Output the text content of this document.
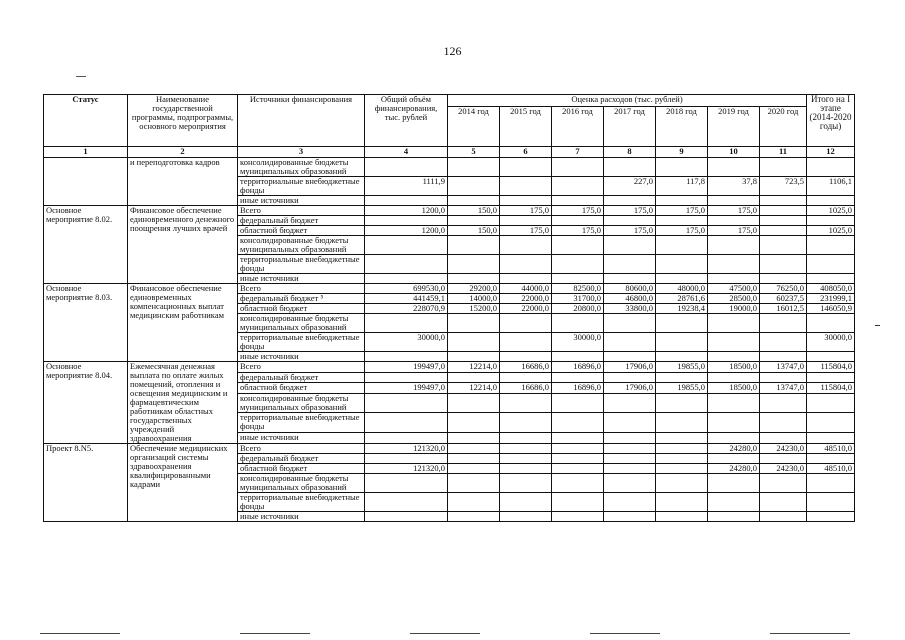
126
Статус	Наименование государственной программы, подпрограммы, основного мероприятия	Источники финансирования	Общий объём финансирования, тыс. рублей	Оценка расходов (тыс. рублей)							Итого на I этапе (2014-2020 годы)
				2014 год	2015 год	2016 год	2017 год	2018 год	2019 год	2020 год	
1	2	3	4	5	6	7	8	9	10	11	12
	и переподготовка кадров	консолидированные бюджеты муниципальных образований									
		территориальные внебюджетные фонды	1111,9				227,0	117,8	37,8	723,5	1106,1
		иные источники									
Основное мероприятие 8.02.	Финансовое обеспечение единовременного денежного поощрения лучших врачей	Всего	1200,0	150,0	175,0	175,0	175,0	175,0	175,0		1025,0
		федеральный бюджет									
		областной бюджет	1200,0	150,0	175,0	175,0	175,0	175,0	175,0		1025,0
		консолидированные бюджеты муниципальных образований									
		территориальные внебюджетные фонды									
		иные источники									
Основное мероприятие 8.03.	Финансовое обеспечение единовременных компенсационных выплат медицинским работникам	Всего	699530,0	29200,0	44000,0	82500,0	80600,0	48000,0	47500,0	76250,0	408050,0
		федеральный бюджет ⁵	441459,1	14000,0	22000,0	31700,0	46800,0	28761,6	28500,0	60237,5	231999,1
		областной бюджет	228070,9	15200,0	22000,0	20800,0	33800,0	19238,4	19000,0	16012,5	146050,9
		консолидированные бюджеты муниципальных образований									
		территориальные внебюджетные фонды	30000,0			30000,0					30000,0
		иные источники									
Основное мероприятие 8.04.	Ежемесячная денежная выплата по оплате жилых помещений, отопления и освещения медицинским и фармацевтическим работникам областных государственных учреждений здравоохранения	Всего	199497,0	12214,0	16686,0	16896,0	17906,0	19855,0	18500,0	13747,0	115804,0
		федеральный бюджет									
		областной бюджет	199497,0	12214,0	16686,0	16896,0	17906,0	19855,0	18500,0	13747,0	115804,0
		консолидированные бюджеты муниципальных образований									
		территориальные внебюджетные фонды									
		иные источники									
Проект 8.N5.	Обеспечение медицинских организаций системы здравоохранения квалифицированными кадрами	Всего	121320,0						24280,0	24230,0	48510,0
		федеральный бюджет									
		областной бюджет	121320,0						24280,0	24230,0	48510,0
		консолидированные бюджеты муниципальных образований									
		территориальные внебюджетные фонды									
		иные источники									
